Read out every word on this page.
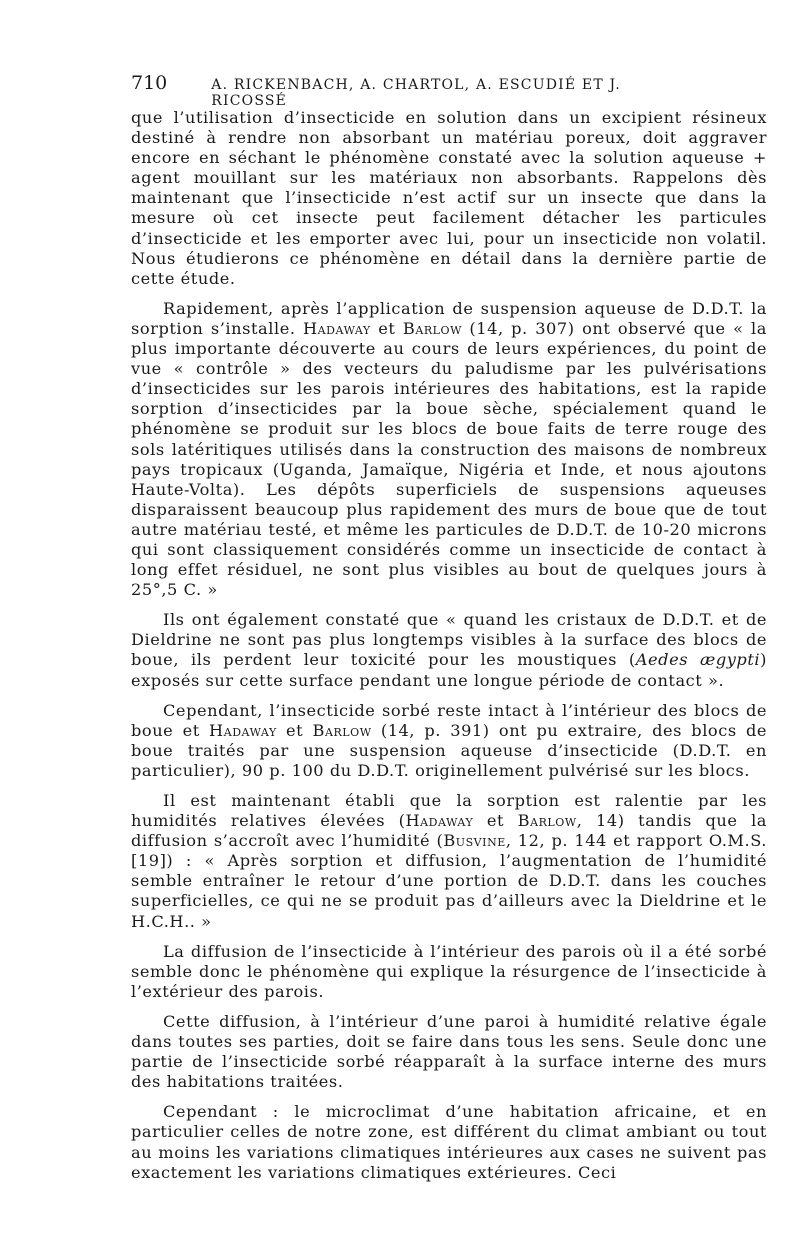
710	A. RICKENBACH, A. CHARTOL, A. ESCUDIÉ ET J. RICOSSÉ

que l’utilisation d’insecticide en solution dans un excipient résineux destiné à rendre non absorbant un matériau poreux, doit aggraver encore en séchant le phénomène constaté avec la solution aqueuse + agent mouillant sur les matériaux non absorbants. Rappelons dès maintenant que l’insecticide n’est actif sur un insecte que dans la mesure où cet insecte peut facilement détacher les particules d’insecticide et les emporter avec lui, pour un insecticide non volatil. Nous étudierons ce phénomène en détail dans la dernière partie de cette étude.

Rapidement, après l’application de suspension aqueuse de D.D.T. la sorption s’installe. Hadaway et Barlow (14, p. 307) ont observé que « la plus importante découverte au cours de leurs expériences, du point de vue « contrôle » des vecteurs du paludisme par les pulvérisations d’insecticides sur les parois intérieures des habitations, est la rapide sorption d’insecticides par la boue sèche, spécialement quand le phénomène se produit sur les blocs de boue faits de terre rouge des sols latéritiques utilisés dans la construction des maisons de nombreux pays tropicaux (Uganda, Jamaïque, Nigéria et Inde, et nous ajoutons Haute-Volta). Les dépôts superficiels de suspensions aqueuses disparaissent beaucoup plus rapidement des murs de boue que de tout autre matériau testé, et même les particules de D.D.T. de 10-20 microns qui sont classiquement considérés comme un insecticide de contact à long effet résiduel, ne sont plus visibles au bout de quelques jours à 25°,5 C. »

Ils ont également constaté que « quand les cristaux de D.D.T. et de Dieldrine ne sont pas plus longtemps visibles à la surface des blocs de boue, ils perdent leur toxicité pour les moustiques (Aedes ægypti) exposés sur cette surface pendant une longue période de contact ».

Cependant, l’insecticide sorbé reste intact à l’intérieur des blocs de boue et Hadaway et Barlow (14, p. 391) ont pu extraire, des blocs de boue traités par une suspension aqueuse d’insecticide (D.D.T. en particulier), 90 p. 100 du D.D.T. originellement pulvérisé sur les blocs.

Il est maintenant établi que la sorption est ralentie par les humidités relatives élevées (Hadaway et Barlow, 14) tandis que la diffusion s’accroît avec l’humidité (Busvine, 12, p. 144 et rapport O.M.S. [19]) : « Après sorption et diffusion, l’augmentation de l’humidité semble entraîner le retour d’une portion de D.D.T. dans les couches superficielles, ce qui ne se produit pas d’ailleurs avec la Dieldrine et le H.C.H.. »

La diffusion de l’insecticide à l’intérieur des parois où il a été sorbé semble donc le phénomène qui explique la résurgence de l’insecticide à l’extérieur des parois.

Cette diffusion, à l’intérieur d’une paroi à humidité relative égale dans toutes ses parties, doit se faire dans tous les sens. Seule donc une partie de l’insecticide sorbé réapparaît à la surface interne des murs des habitations traitées.

Cependant : le microclimat d’une habitation africaine, et en particulier celles de notre zone, est différent du climat ambiant ou tout au moins les variations climatiques intérieures aux cases ne suivent pas exactement les variations climatiques extérieures. Ceci
